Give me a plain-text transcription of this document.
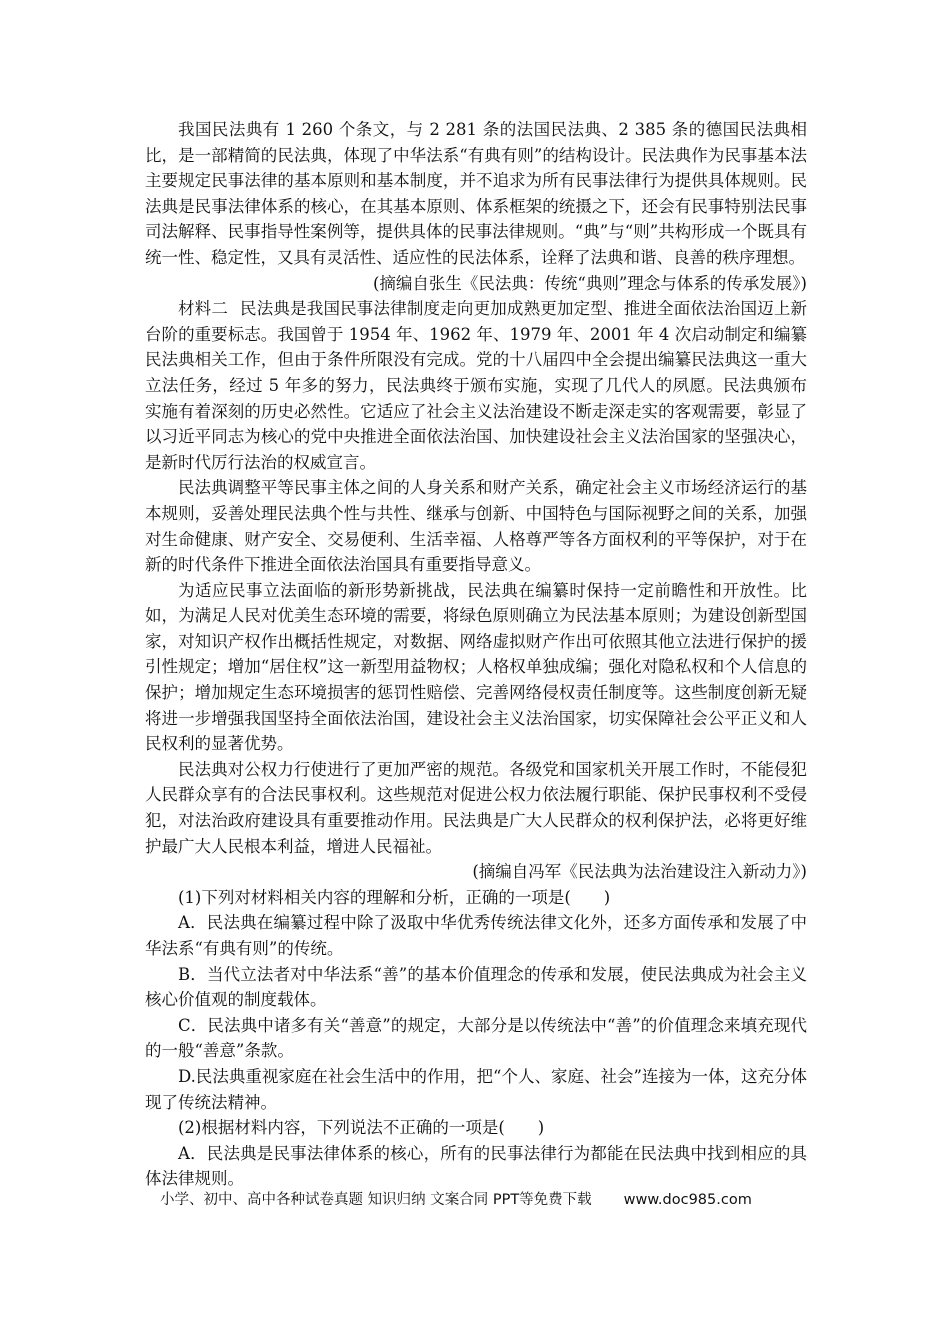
我国民法典有 1 260 个条文，与 2 281 条的法国民法典、2 385 条的德国民法典相比，是一部精简的民法典，体现了中华法系“有典有则”的结构设计。民法典作为民事基本法主要规定民事法律的基本原则和基本制度，并不追求为所有民事法律行为提供具体规则。民法典是民事法律体系的核心，在其基本原则、体系框架的统摄之下，还会有民事特别法民事司法解释、民事指导性案例等，提供具体的民事法律规则。“典”与“则”共构形成一个既具有统一性、稳定性，又具有灵活性、适应性的民法体系，诠释了法典和谐、良善的秩序理想。

(摘编自张生《民法典：传统“典则”理念与体系的传承发展》)

材料二 民法典是我国民事法律制度走向更加成熟更加定型、推进全面依法治国迈上新台阶的重要标志。我国曾于 1954 年、1962 年、1979 年、2001 年 4 次启动制定和编纂民法典相关工作，但由于条件所限没有完成。党的十八届四中全会提出编纂民法典这一重大立法任务，经过 5 年多的努力，民法典终于颁布实施，实现了几代人的夙愿。民法典颁布实施有着深刻的历史必然性。它适应了社会主义法治建设不断走深走实的客观需要，彰显了以习近平同志为核心的党中央推进全面依法治国、加快建设社会主义法治国家的坚强决心，是新时代厉行法治的权威宣言。

民法典调整平等民事主体之间的人身关系和财产关系，确定社会主义市场经济运行的基本规则，妥善处理民法典个性与共性、继承与创新、中国特色与国际视野之间的关系，加强对生命健康、财产安全、交易便利、生活幸福、人格尊严等各方面权利的平等保护，对于在新的时代条件下推进全面依法治国具有重要指导意义。

为适应民事立法面临的新形势新挑战，民法典在编纂时保持一定前瞻性和开放性。比如，为满足人民对优美生态环境的需要，将绿色原则确立为民法基本原则；为建设创新型国家，对知识产权作出概括性规定，对数据、网络虚拟财产作出可依照其他立法进行保护的援引性规定；增加“居住权”这一新型用益物权；人格权单独成编；强化对隐私权和个人信息的保护；增加规定生态环境损害的惩罚性赔偿、完善网络侵权责任制度等。这些制度创新无疑将进一步增强我国坚持全面依法治国，建设社会主义法治国家，切实保障社会公平正义和人民权利的显著优势。

民法典对公权力行使进行了更加严密的规范。各级党和国家机关开展工作时，不能侵犯人民群众享有的合法民事权利。这些规范对促进公权力依法履行职能、保护民事权利不受侵犯，对法治政府建设具有重要推动作用。民法典是广大人民群众的权利保护法，必将更好维护最广大人民根本利益，增进人民福祉。

(摘编自冯军《民法典为法治建设注入新动力》)

(1)下列对材料相关内容的理解和分析，正确的一项是(　　)

A．民法典在编纂过程中除了汲取中华优秀传统法律文化外，还多方面传承和发展了中华法系“有典有则”的传统。

B．当代立法者对中华法系“善”的基本价值理念的传承和发展，使民法典成为社会主义核心价值观的制度载体。

C．民法典中诸多有关“善意”的规定，大部分是以传统法中“善”的价值理念来填充现代的一般“善意”条款。

D.民法典重视家庭在社会生活中的作用，把“个人、家庭、社会”连接为一体，这充分体现了传统法精神。

(2)根据材料内容，下列说法不正确的一项是(　　)

A．民法典是民事法律体系的核心，所有的民事法律行为都能在民法典中找到相应的具体法律规则。

小学、初中、高中各种试卷真题 知识归纳 文案合同 PPT等免费下载 www.doc985.com
